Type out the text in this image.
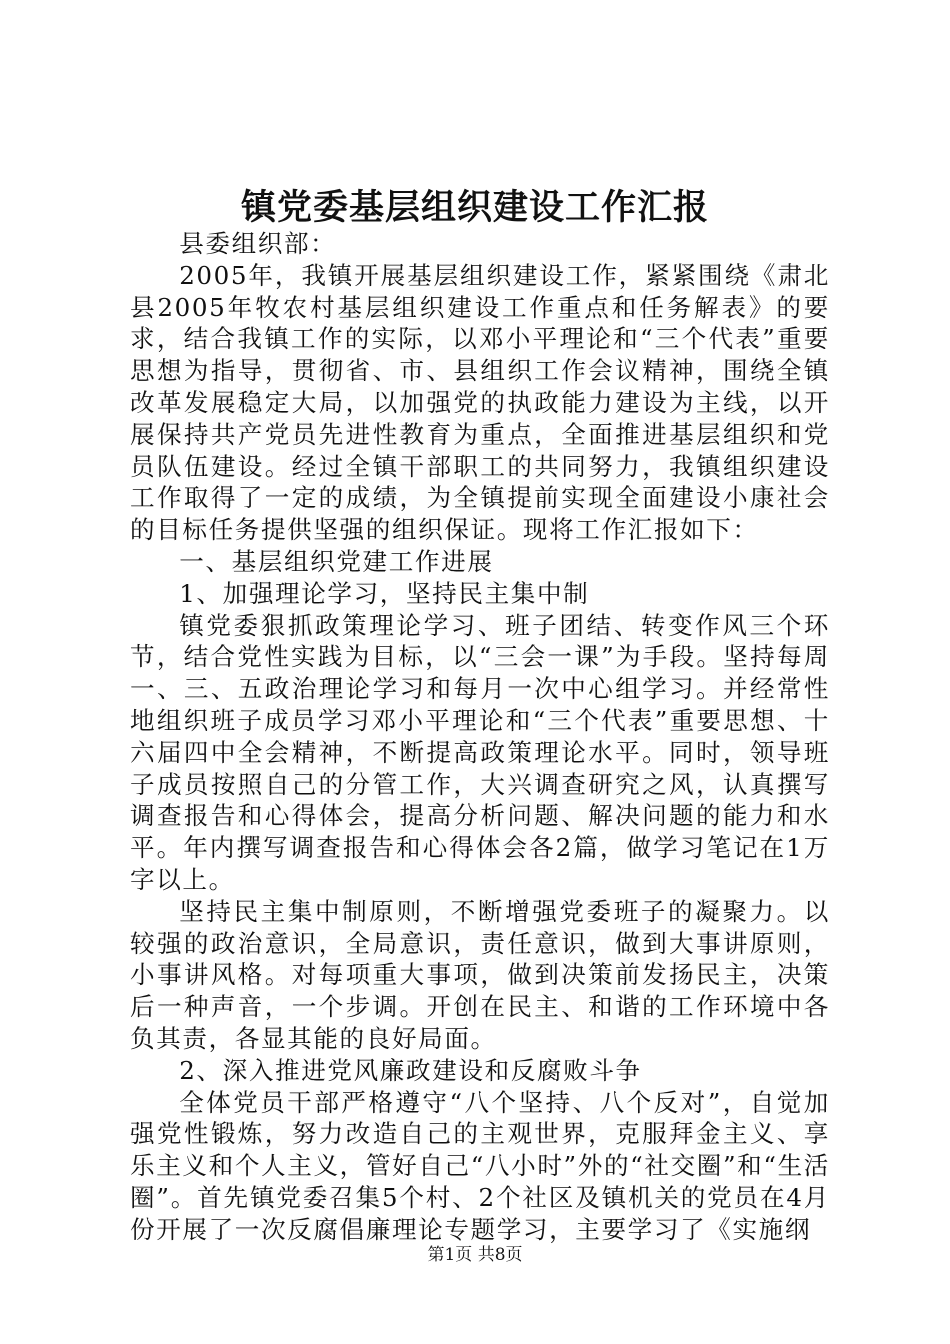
镇党委基层组织建设工作汇报

县委组织部：

2005年，我镇开展基层组织建设工作，紧紧围绕《肃北县2005年牧农村基层组织建设工作重点和任务解表》的要求，结合我镇工作的实际，以邓小平理论和“三个代表”重要思想为指导，贯彻省、市、县组织工作会议精神，围绕全镇改革发展稳定大局，以加强党的执政能力建设为主线，以开展保持共产党员先进性教育为重点，全面推进基层组织和党员队伍建设。经过全镇干部职工的共同努力，我镇组织建设工作取得了一定的成绩，为全镇提前实现全面建设小康社会的目标任务提供坚强的组织保证。现将工作汇报如下：

一、基层组织党建工作进展

1、加强理论学习，坚持民主集中制

镇党委狠抓政策理论学习、班子团结、转变作风三个环节，结合党性实践为目标，以“三会一课”为手段。坚持每周一、三、五政治理论学习和每月一次中心组学习。并经常性地组织班子成员学习邓小平理论和“三个代表”重要思想、十六届四中全会精神，不断提高政策理论水平。同时，领导班子成员按照自己的分管工作，大兴调查研究之风，认真撰写调查报告和心得体会，提高分析问题、解决问题的能力和水平。年内撰写调查报告和心得体会各2篇，做学习笔记在1万字以上。

坚持民主集中制原则，不断增强党委班子的凝聚力。以较强的政治意识，全局意识，责任意识，做到大事讲原则，小事讲风格。对每项重大事项，做到决策前发扬民主，决策后一种声音，一个步调。开创在民主、和谐的工作环境中各负其责，各显其能的良好局面。

2、深入推进党风廉政建设和反腐败斗争

全体党员干部严格遵守“八个坚持、八个反对”，自觉加强党性锻炼，努力改造自己的主观世界，克服拜金主义、享乐主义和个人主义，管好自己“八小时”外的“社交圈”和“生活圈”。首先镇党委召集5个村、2个社区及镇机关的党员在4月份开展了一次反腐倡廉理论专题学习，主要学习了《实施纲

第1页 共8页
